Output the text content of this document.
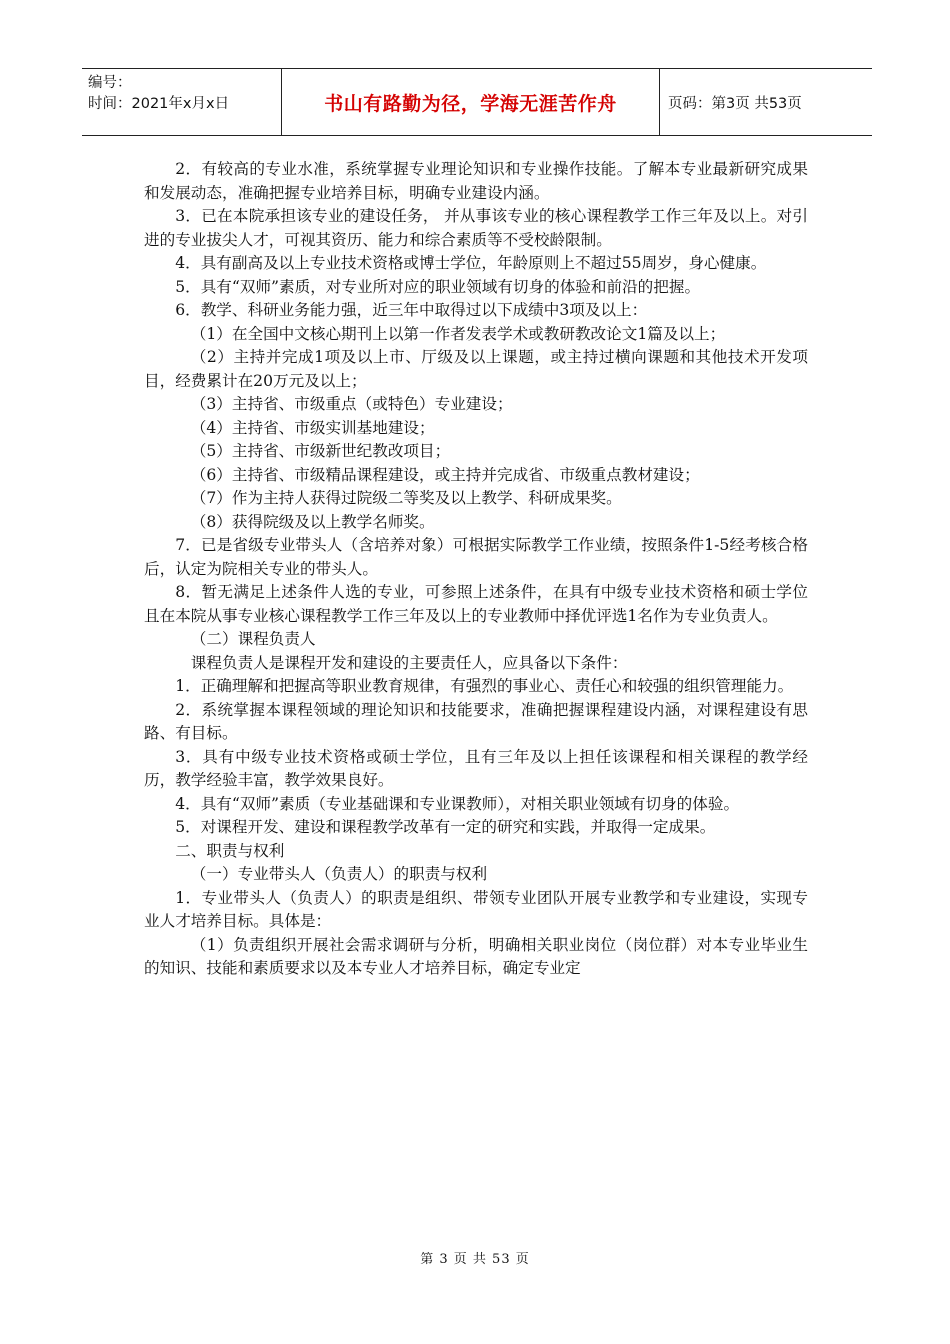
编号：
时间：2021年x月x日	书山有路勤为径，学海无涯苦作舟	页码：第3页 共53页

2．有较高的专业水准，系统掌握专业理论知识和专业操作技能。了解本专业最新研究成果和发展动态，准确把握专业培养目标，明确专业建设内涵。

3．已在本院承担该专业的建设任务， 并从事该专业的核心课程教学工作三年及以上。对引进的专业拔尖人才，可视其资历、能力和综合素质等不受校龄限制。

4．具有副高及以上专业技术资格或博士学位，年龄原则上不超过55周岁，身心健康。

5．具有“双师”素质，对专业所对应的职业领域有切身的体验和前沿的把握。

6．教学、科研业务能力强，近三年中取得过以下成绩中3项及以上：

（1）在全国中文核心期刊上以第一作者发表学术或教研教改论文1篇及以上；

（2）主持并完成1项及以上市、厅级及以上课题，或主持过横向课题和其他技术开发项目，经费累计在20万元及以上；

（3）主持省、市级重点（或特色）专业建设；

（4）主持省、市级实训基地建设；

（5）主持省、市级新世纪教改项目；

（6）主持省、市级精品课程建设，或主持并完成省、市级重点教材建设；

（7）作为主持人获得过院级二等奖及以上教学、科研成果奖。

（8）获得院级及以上教学名师奖。

7．已是省级专业带头人（含培养对象）可根据实际教学工作业绩，按照条件1-5经考核合格后，认定为院相关专业的带头人。

8．暂无满足上述条件人选的专业，可参照上述条件，在具有中级专业技术资格和硕士学位且在本院从事专业核心课程教学工作三年及以上的专业教师中择优评选1名作为专业负责人。

（二）课程负责人

课程负责人是课程开发和建设的主要责任人，应具备以下条件：

1．正确理解和把握高等职业教育规律，有强烈的事业心、责任心和较强的组织管理能力。

2．系统掌握本课程领域的理论知识和技能要求，准确把握课程建设内涵，对课程建设有思路、有目标。

3．具有中级专业技术资格或硕士学位，且有三年及以上担任该课程和相关课程的教学经历，教学经验丰富，教学效果良好。

4．具有“双师”素质（专业基础课和专业课教师），对相关职业领域有切身的体验。

5．对课程开发、建设和课程教学改革有一定的研究和实践，并取得一定成果。

二、职责与权利

（一）专业带头人（负责人）的职责与权利

1．专业带头人（负责人）的职责是组织、带领专业团队开展专业教学和专业建设，实现专业人才培养目标。具体是：

（1）负责组织开展社会需求调研与分析，明确相关职业岗位（岗位群）对本专业毕业生的知识、技能和素质要求以及本专业人才培养目标，确定专业定

第 3 页 共 53 页
